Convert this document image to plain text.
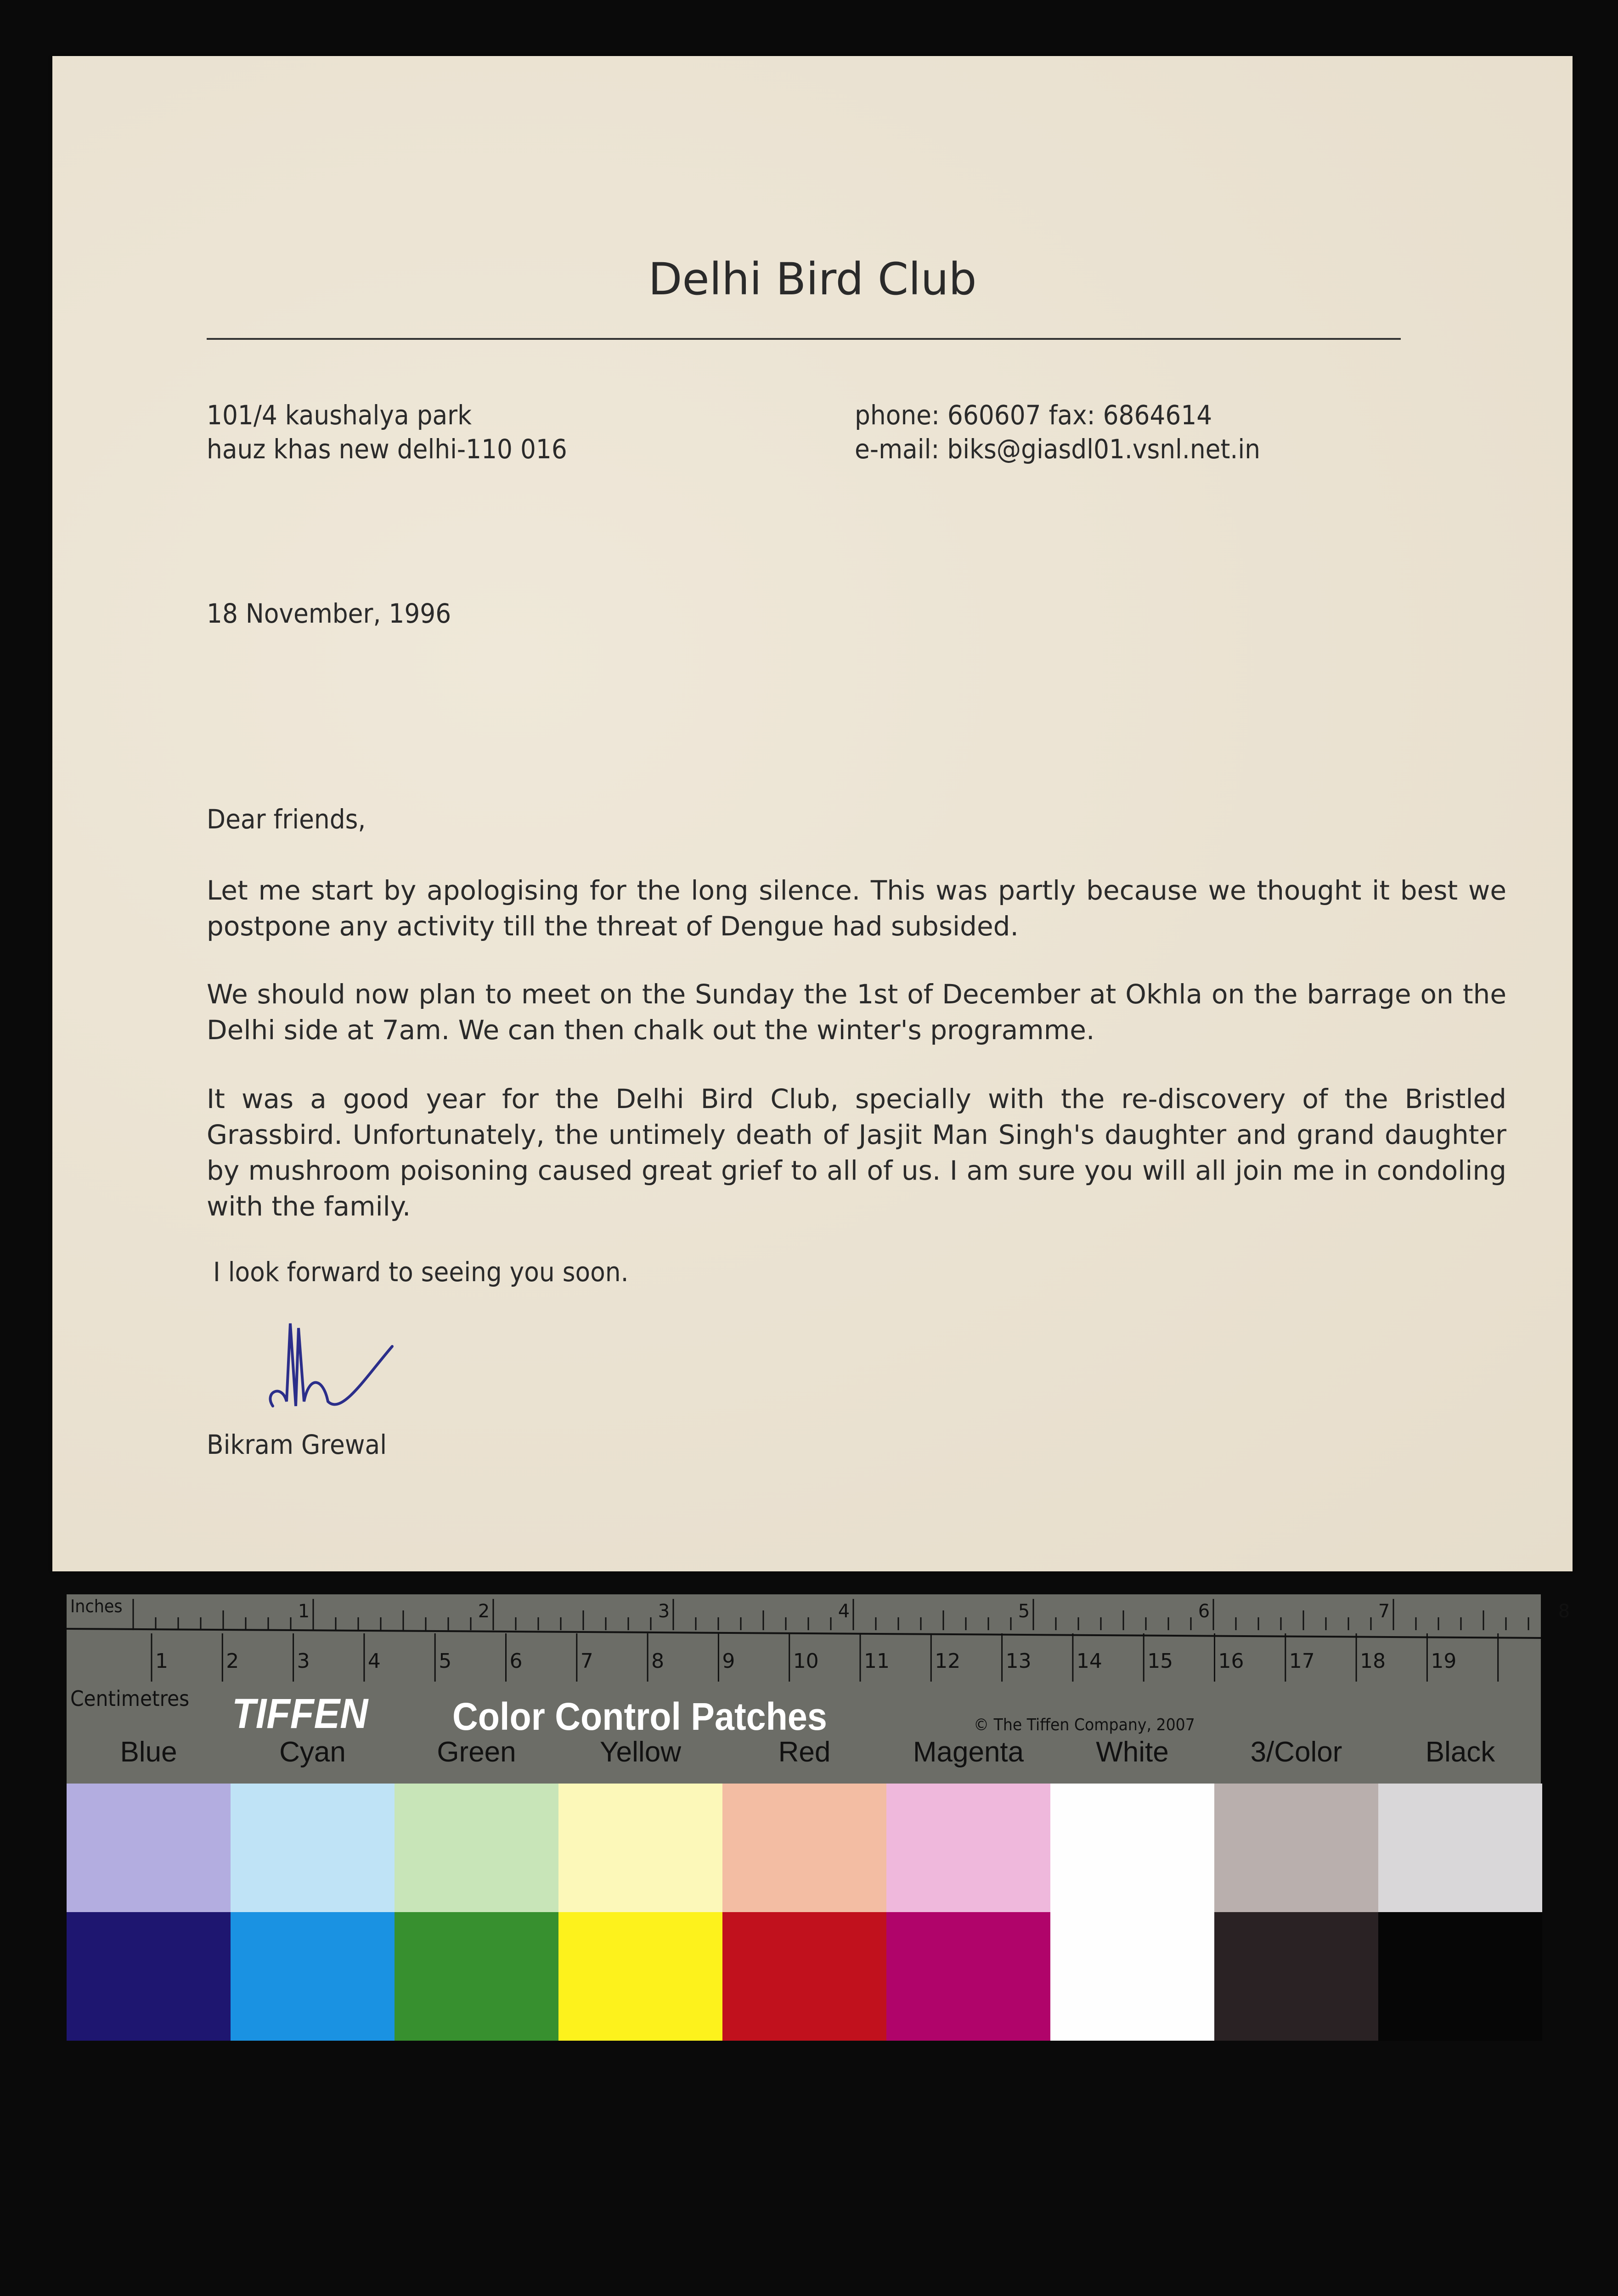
Delhi Bird Club
101/4 kaushalya park
hauz khas new delhi-110 016
phone: 660607 fax: 6864614
e-mail: biks@giasdl01.vsnl.net.in
18 November, 1996
Dear friends,
Let me start by apologising for the long silence. This was partly because we thought it best we postpone any activity till the threat of Dengue had subsided.
We should now plan to meet on the Sunday the 1st of December at Okhla on the barrage on the Delhi side at 7am. We can then chalk out the winter's programme.
It was a good year for the Delhi Bird Club, specially with the re-discovery of the Bristled Grassbird. Unfortunately, the untimely death of Jasjit Man Singh's daughter and grand daughter by mushroom poisoning caused great grief to all of us. I am sure you will all join me in condoling with the family.
I look forward to seeing you soon.
Bikram Grewal
1	2	3	4	5	6	7	8
1	2	3	4	5	6	7	8	9	10 11 12 13 14 15 16 17 18 19
Inches
Centimetres TIFFEN Color Control Patches	© The Tiffen Company, 2007
Blue	Cyan	Green	Yellow	Red	Magenta	White	3/Color	Black
